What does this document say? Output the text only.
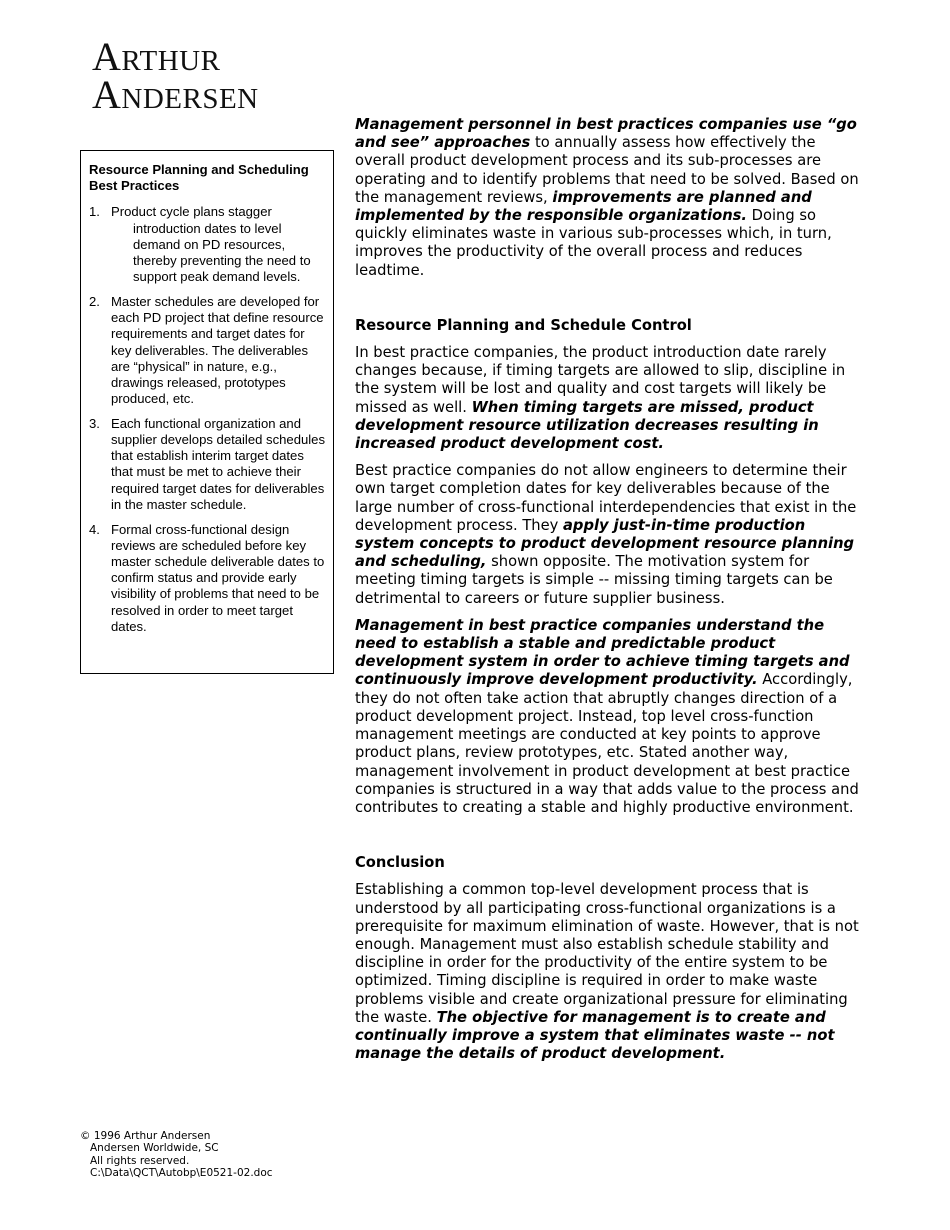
ARTHUR
ANDERSEN
Resource Planning and Scheduling Best Practices
1. Product cycle plans stagger
introduction dates to level demand on PD resources, thereby preventing the need to support peak demand levels.
2. Master schedules are developed for each PD project that define resource requirements and target dates for key deliverables. The deliverables are “physical” in nature, e.g., drawings released, prototypes produced, etc.
3. Each functional organization and supplier develops detailed schedules that establish interim target dates that must be met to achieve their required target dates for deliverables in the master schedule.
4. Formal cross-functional design reviews are scheduled before key master schedule deliverable dates to confirm status and provide early visibility of problems that need to be resolved in order to meet target dates.

Management personnel in best practices companies use “go and see” approaches to annually assess how effectively the overall product development process and its sub-processes are operating and to identify problems that need to be solved. Based on the management reviews, improvements are planned and implemented by the responsible organizations. Doing so quickly eliminates waste in various sub-processes which, in turn, improves the productivity of the overall process and reduces leadtime.

Resource Planning and Schedule Control

In best practice companies, the product introduction date rarely changes because, if timing targets are allowed to slip, discipline in the system will be lost and quality and cost targets will likely be missed as well. When timing targets are missed, product development resource utilization decreases resulting in increased product development cost.

Best practice companies do not allow engineers to determine their own target completion dates for key deliverables because of the large number of cross-functional interdependencies that exist in the development process. They apply just-in-time production system concepts to product development resource planning and scheduling, shown opposite. The motivation system for meeting timing targets is simple -- missing timing targets can be detrimental to careers or future supplier business.

Management in best practice companies understand the need to establish a stable and predictable product development system in order to achieve timing targets and continuously improve development productivity. Accordingly, they do not often take action that abruptly changes direction of a product development project. Instead, top level cross-function management meetings are conducted at key points to approve product plans, review prototypes, etc. Stated another way, management involvement in product development at best practice companies is structured in a way that adds value to the process and contributes to creating a stable and highly productive environment.

Conclusion

Establishing a common top-level development process that is understood by all participating cross-functional organizations is a prerequisite for maximum elimination of waste. However, that is not enough. Management must also establish schedule stability and discipline in order for the productivity of the entire system to be optimized. Timing discipline is required in order to make waste problems visible and create organizational pressure for eliminating the waste. The objective for management is to create and continually improve a system that eliminates waste -- not manage the details of product development.

© 1996 Arthur Andersen

Andersen Worldwide, SC
All rights reserved.
C:\Data\QCT\Autobp\E0521-02.doc
